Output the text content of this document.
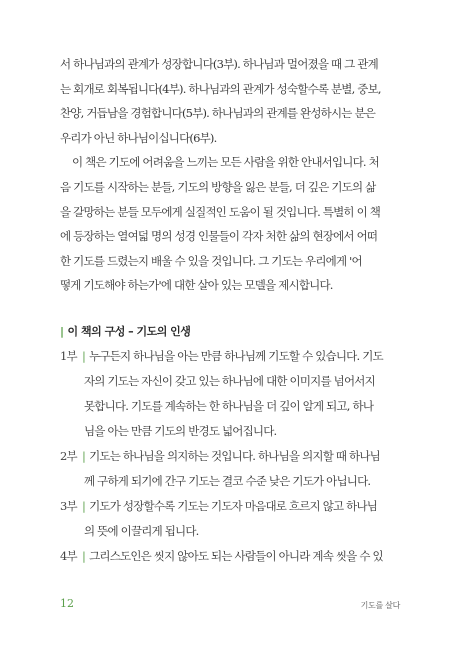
서 하나님과의 관계가 성장합니다(3부). 하나님과 멀어졌을 때 그 관계
는 회개로 회복됩니다(4부). 하나님과의 관계가 성숙할수록 분별, 중보,
찬양, 거듭남을 경험합니다(5부). 하나님과의 관계를 완성하시는 분은
우리가 아닌 하나님이십니다(6부).
이 책은 기도에 어려움을 느끼는 모든 사람을 위한 안내서입니다. 처
음 기도를 시작하는 분들, 기도의 방향을 잃은 분들, 더 깊은 기도의 삶
을 갈망하는 분들 모두에게 실질적인 도움이 될 것입니다. 특별히 이 책
에 등장하는 열여덟 명의 성경 인물들이 각자 처한 삶의 현장에서 어떠
한 기도를 드렸는지 배울 수 있을 것입니다. 그 기도는 우리에게 '어
떻게 기도해야 하는가'에 대한 살아 있는 모델을 제시합니다.
| 이 책의 구성 – 기도의 인생
1부 | 누구든지 하나님을 아는 만큼 하나님께 기도할 수 있습니다. 기도
자의 기도는 자신이 갖고 있는 하나님에 대한 이미지를 넘어서지
못합니다. 기도를 계속하는 한 하나님을 더 깊이 알게 되고, 하나
님을 아는 만큼 기도의 반경도 넓어집니다.
2부 | 기도는 하나님을 의지하는 것입니다. 하나님을 의지할 때 하나님
께 구하게 되기에 간구 기도는 결코 수준 낮은 기도가 아닙니다.
3부 | 기도가 성장할수록 기도는 기도자 마음대로 흐르지 않고 하나님
의 뜻에 이끌리게 됩니다.
4부 | 그리스도인은 씻지 않아도 되는 사람들이 아니라 계속 씻을 수 있
12	기도를 살다
